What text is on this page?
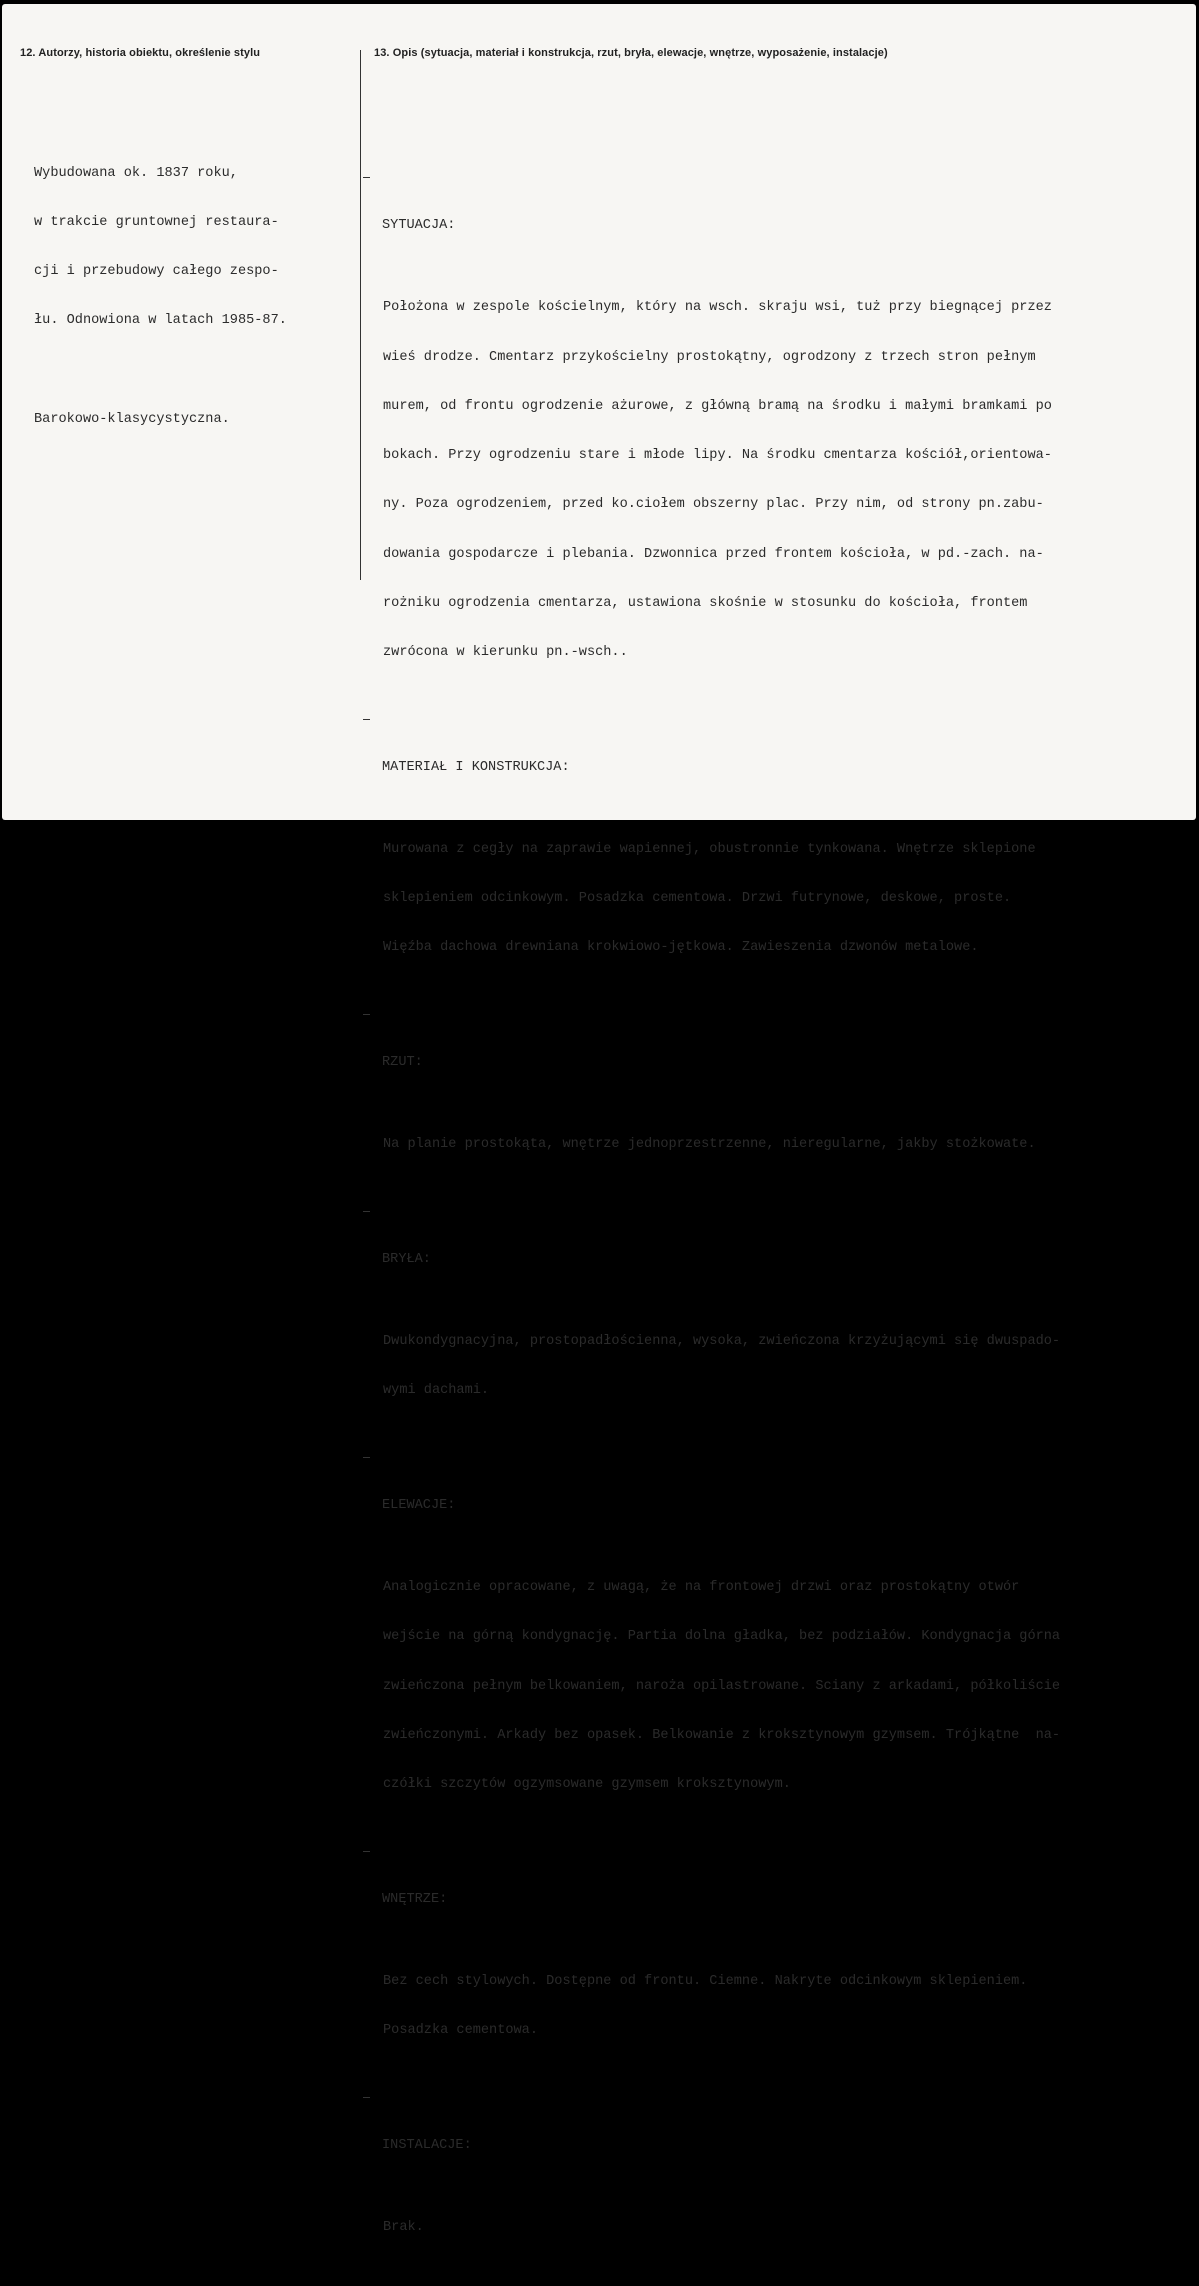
12. Autorzy, historia obiektu, określenie stylu	13. Opis (sytuacja, materiał i konstrukcja, rzut, bryła, elewacje, wnętrze, wyposażenie, instalacje)

Wybudowana ok. 1837 roku,

w trakcie gruntownej restaura-

cji i przebudowy całego zespo-

łu. Odnowiona w latach 1985-87.

Barokowo-klasycystyczna.

SYTUACJA:

Położona w zespole kościelnym, który na wsch. skraju wsi, tuż przy biegnącej przez

wieś drodze. Cmentarz przykościelny prostokątny, ogrodzony z trzech stron pełnym

murem, od frontu ogrodzenie ażurowe, z główną bramą na środku i małymi bramkami po

bokach. Przy ogrodzeniu stare i młode lipy. Na środku cmentarza kościół,orientowa-

ny. Poza ogrodzeniem, przed ko.ciołem obszerny plac. Przy nim, od strony pn.zabu-

dowania gospodarcze i plebania. Dzwonnica przed frontem kościoła, w pd.-zach. na-

rożniku ogrodzenia cmentarza, ustawiona skośnie w stosunku do kościoła, frontem

zwrócona w kierunku pn.-wsch..

MATERIAŁ I KONSTRUKCJA:

Murowana z cegły na zaprawie wapiennej, obustronnie tynkowana. Wnętrze sklepione

sklepieniem odcinkowym. Posadzka cementowa. Drzwi futrynowe, deskowe, proste.

Więźba dachowa drewniana krokwiowo-jętkowa. Zawieszenia dzwonów metalowe.

RZUT:

Na planie prostokąta, wnętrze jednoprzestrzenne, nieregularne, jakby stożkowate.

BRYŁA:

Dwukondygnacyjna, prostopadłościenna, wysoka, zwieńczona krzyżującymi się dwuspado-

wymi dachami.

ELEWACJE:

Analogicznie opracowane, z uwagą, że na frontowej drzwi oraz prostokątny otwór

wejście na górną kondygnację. Partia dolna gładka, bez podziałów. Kondygnacja górna

zwieńczona pełnym belkowaniem, naroża opilastrowane. Sciany z arkadami, półkoliście

zwieńczonymi. Arkady bez opasek. Belkowanie z kroksztynowym gzymsem. Trójkątne  na-

czółki szczytów ogzymsowane gzymsem kroksztynowym.

WNĘTRZE:

Bez cech stylowych. Dostępne od frontu. Ciemne. Nakryte odcinkowym sklepieniem.

Posadzka cementowa.

INSTALACJE:

Brak.
